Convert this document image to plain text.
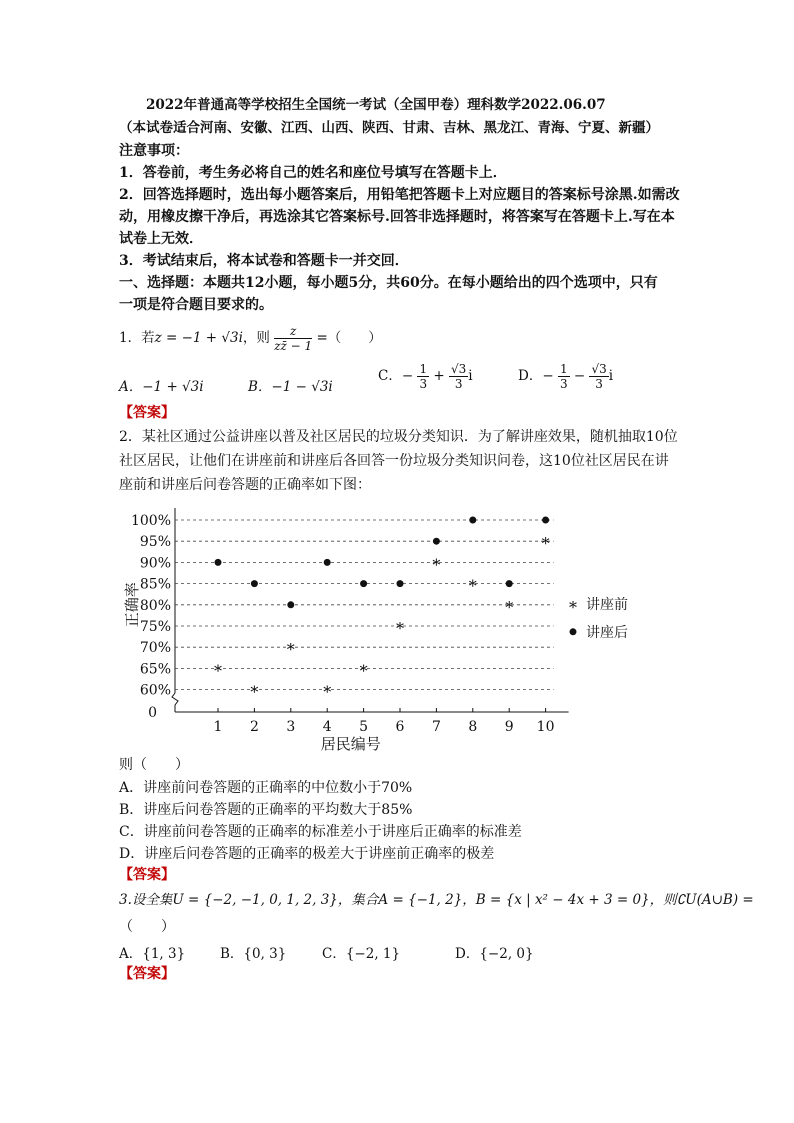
2022年普通高等学校招生全国统一考试（全国甲卷）理科数学2022.06.07
（本试卷适合河南、安徽、江西、山西、陕西、甘肃、吉林、黑龙江、青海、宁夏、新疆）
注意事项：
1．答卷前，考生务必将自己的姓名和座位号填写在答题卡上．
2．回答选择题时，选出每小题答案后，用铅笔把答题卡上对应题目的答案标号涂黑.如需改
动，用橡皮擦干净后，再选涂其它答案标号.回答非选择题时，将答案写在答题卡上.写在本
试卷上无效．
3．考试结束后，将本试卷和答题卡一并交回．
一、选择题：本题共12小题，每小题5分，共60分。在每小题给出的四个选项中，只有
一项是符合题目要求的。
1．若z = −1 + √3i，则 $\frac{z}{zz̄ - 1}$ =（　　）
A．−1 + √3i	B．−1 − √3i
C．− $\frac{1}{3} + \frac{√3}{3}$ i	D．− $\frac{1}{3} - \frac{√3}{3}$ i
【答案】
2．某社区通过公益讲座以普及社区居民的垃圾分类知识．为了解讲座效果，随机抽取10位
社区居民，让他们在讲座前和讲座后各回答一份垃圾分类知识问卷，这10位社区居民在讲
座前和讲座后问卷答题的正确率如下图：
100%
95%
90%
85%
80%
75%
70%
65%
60%
0
1 2 3 4 5 6 7 8 9 10
居民编号
正确率
*
*
*
*
*
*
*
*
*
*
* 讲座前
讲座后
则（　　）
A．讲座前问卷答题的正确率的中位数小于70%
B．讲座后问卷答题的正确率的平均数大于85%
C．讲座前问卷答题的正确率的标准差小于讲座后正确率的标准差
D．讲座后问卷答题的正确率的极差大于讲座前正确率的极差
【答案】
3.设全集U = {−2, −1, 0, 1, 2, 3}，集合A = {−1, 2}，B = {x | x² − 4x + 3 = 0}，则∁U(A∪B) =
（　　）
A．{1, 3}	B．{0, 3}	C．{−2, 1}	D．{−2, 0}
【答案】
